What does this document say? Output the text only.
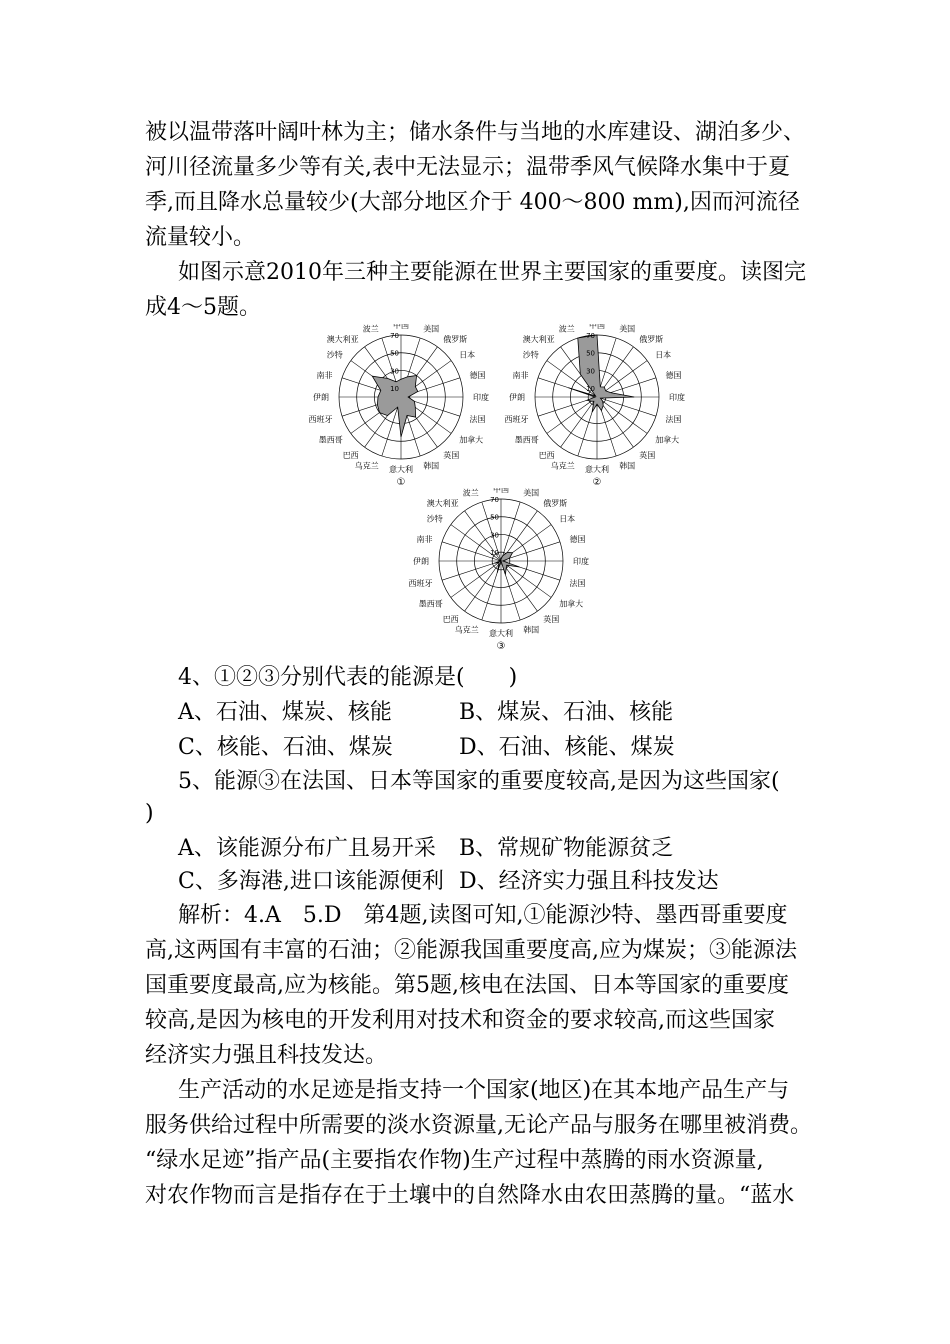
被以温带落叶阔叶林为主；储水条件与当地的水库建设、湖泊多少、
河川径流量多少等有关,表中无法显示；温带季风气候降水集中于夏
季,而且降水总量较少(大部分地区介于 400～800 mm),因而河流径
流量较小。
如图示意2010年三种主要能源在世界主要国家的重要度。读图完
成4～5题。
10
30
50
70
中国 美国
俄罗斯
日本
德国
印度
法国
加拿大
英国
韩国
意大利
乌克兰
巴西
墨西哥
西班牙
伊朗
南非
沙特
澳大利亚
波兰
①
10
30
50
70
中国 美国
俄罗斯
日本
德国
印度
法国
加拿大
英国
韩国
意大利
乌克兰
巴西
墨西哥
西班牙
伊朗
南非
沙特
澳大利亚
波兰
②
10
30
50
70
中国 美国
俄罗斯
日本
德国
印度
法国
加拿大
英国
韩国
意大利
乌克兰
巴西
墨西哥
西班牙
伊朗
南非
沙特
澳大利亚
波兰
③
4、①②③分别代表的能源是(　　)
A、石油、煤炭、核能	B、煤炭、石油、核能
C、核能、石油、煤炭	D、石油、核能、煤炭
5、能源③在法国、日本等国家的重要度较高,是因为这些国家(
)
A、该能源分布广且易开采 B、常规矿物能源贫乏
C、多海港,进口该能源便利 D、经济实力强且科技发达
解析：4.A　5.D　第4题,读图可知,①能源沙特、墨西哥重要度
高,这两国有丰富的石油；②能源我国重要度高,应为煤炭；③能源法
国重要度最高,应为核能。第5题,核电在法国、日本等国家的重要度
较高,是因为核电的开发利用对技术和资金的要求较高,而这些国家
经济实力强且科技发达。
生产活动的水足迹是指支持一个国家(地区)在其本地产品生产与
服务供给过程中所需要的淡水资源量,无论产品与服务在哪里被消费。
“绿水足迹”指产品(主要指农作物)生产过程中蒸腾的雨水资源量,
对农作物而言是指存在于土壤中的自然降水由农田蒸腾的量。“蓝水
